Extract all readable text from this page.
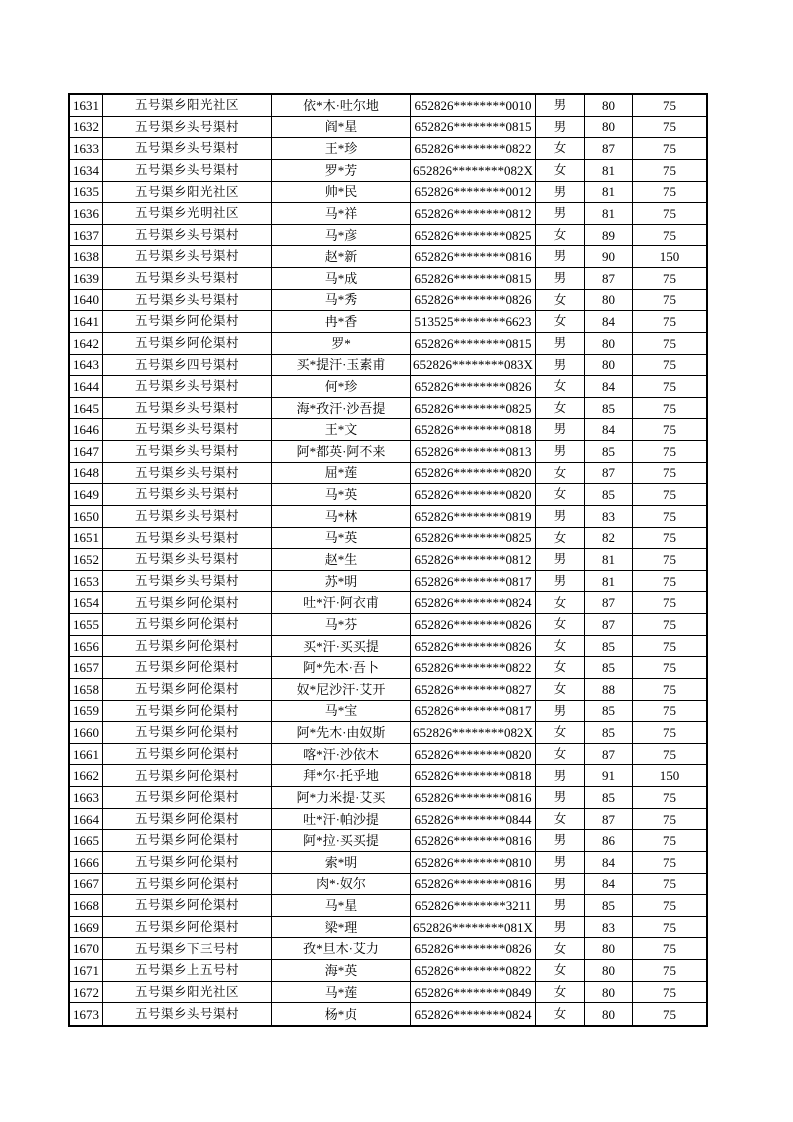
1631	五号渠乡阳光社区	依*木·吐尔地	652826********0010	男	80	75
1632	五号渠乡头号渠村	阎*星	652826********0815	男	80	75
1633	五号渠乡头号渠村	王*珍	652826********0822	女	87	75
1634	五号渠乡头号渠村	罗*芳	652826********082X	女	81	75
1635	五号渠乡阳光社区	帅*民	652826********0012	男	81	75
1636	五号渠乡光明社区	马*祥	652826********0812	男	81	75
1637	五号渠乡头号渠村	马*彦	652826********0825	女	89	75
1638	五号渠乡头号渠村	赵*新	652826********0816	男	90	150
1639	五号渠乡头号渠村	马*成	652826********0815	男	87	75
1640	五号渠乡头号渠村	马*秀	652826********0826	女	80	75
1641	五号渠乡阿伦渠村	冉*香	513525********6623	女	84	75
1642	五号渠乡阿伦渠村	罗*	652826********0815	男	80	75
1643	五号渠乡四号渠村	买*提汗·玉素甫	652826********083X	男	80	75
1644	五号渠乡头号渠村	何*珍	652826********0826	女	84	75
1645	五号渠乡头号渠村	海*孜汗·沙吾提	652826********0825	女	85	75
1646	五号渠乡头号渠村	王*文	652826********0818	男	84	75
1647	五号渠乡头号渠村	阿*都英·阿不来	652826********0813	男	85	75
1648	五号渠乡头号渠村	屈*莲	652826********0820	女	87	75
1649	五号渠乡头号渠村	马*英	652826********0820	女	85	75
1650	五号渠乡头号渠村	马*林	652826********0819	男	83	75
1651	五号渠乡头号渠村	马*英	652826********0825	女	82	75
1652	五号渠乡头号渠村	赵*生	652826********0812	男	81	75
1653	五号渠乡头号渠村	苏*明	652826********0817	男	81	75
1654	五号渠乡阿伦渠村	吐*汗·阿衣甫	652826********0824	女	87	75
1655	五号渠乡阿伦渠村	马*芬	652826********0826	女	87	75
1656	五号渠乡阿伦渠村	买*汗·买买提	652826********0826	女	85	75
1657	五号渠乡阿伦渠村	阿*先木·吾卜	652826********0822	女	85	75
1658	五号渠乡阿伦渠村	奴*尼沙汗·艾开	652826********0827	女	88	75
1659	五号渠乡阿伦渠村	马*宝	652826********0817	男	85	75
1660	五号渠乡阿伦渠村	阿*先木·由奴斯	652826********082X	女	85	75
1661	五号渠乡阿伦渠村	喀*汗·沙依木	652826********0820	女	87	75
1662	五号渠乡阿伦渠村	拜*尔·托乎地	652826********0818	男	91	150
1663	五号渠乡阿伦渠村	阿*力米提·艾买	652826********0816	男	85	75
1664	五号渠乡阿伦渠村	吐*汗·帕沙提	652826********0844	女	87	75
1665	五号渠乡阿伦渠村	阿*拉·买买提	652826********0816	男	86	75
1666	五号渠乡阿伦渠村	索*明	652826********0810	男	84	75
1667	五号渠乡阿伦渠村	肉*·奴尔	652826********0816	男	84	75
1668	五号渠乡阿伦渠村	马*星	652826********3211	男	85	75
1669	五号渠乡阿伦渠村	梁*理	652826********081X	男	83	75
1670	五号渠乡下三号村	孜*旦木·艾力	652826********0826	女	80	75
1671	五号渠乡上五号村	海*英	652826********0822	女	80	75
1672	五号渠乡阳光社区	马*莲	652826********0849	女	80	75
1673	五号渠乡头号渠村	杨*贞	652826********0824	女	80	75
